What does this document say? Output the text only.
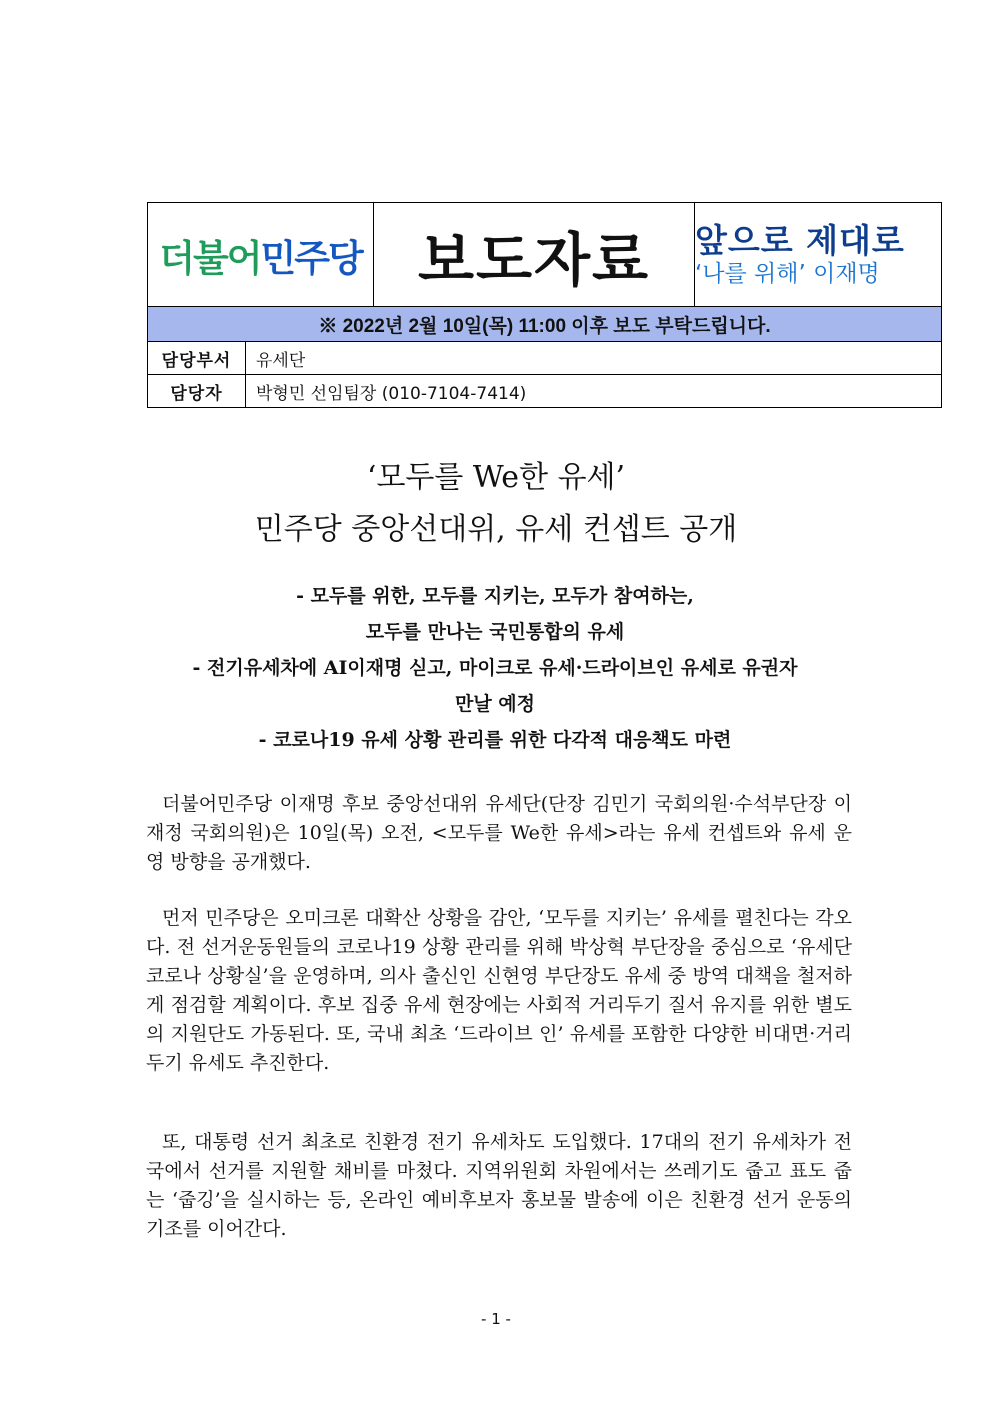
더불어민주당		보도자료	앞으로 제대로
‘나를 위해’ 이재명

※ 2022년 2월 10일(목) 11:00 이후 보도 부탁드립니다.			
담당부서	유세단		
담당자	박형민 선임팀장 (010-7104-7414)		
‘모두를 We한 유세’
민주당 중앙선대위, 유세 컨셉트 공개
- 모두를 위한, 모두를 지키는, 모두가 참여하는,
모두를 만나는 국민통합의 유세
- 전기유세차에 AI이재명 싣고, 마이크로 유세·드라이브인 유세로 유권자
만날 예정
- 코로나19 유세 상황 관리를 위한 다각적 대응책도 마련

더불어민주당 이재명 후보 중앙선대위 유세단(단장 김민기 국회의원·수석부단장 이재정 국회의원)은 10일(목) 오전, <모두를 We한 유세>라는 유세 컨셉트와 유세 운영 방향을 공개했다.

먼저 민주당은 오미크론 대확산 상황을 감안, ‘모두를 지키는’ 유세를 펼친다는 각오다. 전 선거운동원들의 코로나19 상황 관리를 위해 박상혁 부단장을 중심으로 ‘유세단 코로나 상황실’을 운영하며, 의사 출신인 신현영 부단장도 유세 중 방역 대책을 철저하게 점검할 계획이다. 후보 집중 유세 현장에는 사회적 거리두기 질서 유지를 위한 별도의 지원단도 가동된다. 또, 국내 최초 ‘드라이브 인’ 유세를 포함한 다양한 비대면·거리두기 유세도 추진한다.

또, 대통령 선거 최초로 친환경 전기 유세차도 도입했다. 17대의 전기 유세차가 전국에서 선거를 지원할 채비를 마쳤다. 지역위원회 차원에서는 쓰레기도 줍고 표도 줍는 ‘줍깅’을 실시하는 등, 온라인 예비후보자 홍보물 발송에 이은 친환경 선거 운동의 기조를 이어간다.

- 1 -
